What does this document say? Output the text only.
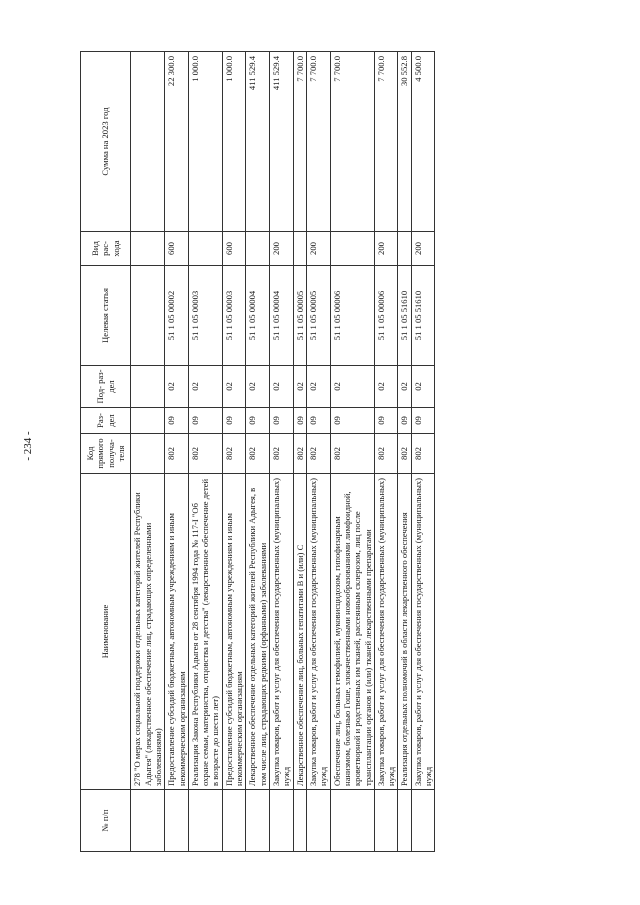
- 234 -
№ п/п	Наименование	Код прямого получа- теля	Раз- дел	Под- раз- дел	Целевая статья	Вид рас- хода	Сумма на 2023 год
	278 "О мерах социальной поддержки отдельных категорий жителей Республики Адыгея" (лекарственное обеспечение лиц, страдающих определенными заболеваниями)						
	Предоставление субсидий бюджетным, автономным учреждениям и иным некоммерческим организациям	802	09	02	51 1 05 00002	600	22 300.0
	Реализация Закона Республики Адыгея от 28 сентября 1994 года № 117-I "Об охране семьи, материнства, отцовства и детства" (лекарственное обеспечение детей в возрасте до шести лет)	802	09	02	51 1 05 00003		1 000.0
	Предоставление субсидий бюджетным, автономным учреждениям и иным некоммерческим организациям	802	09	02	51 1 05 00003	600	1 000.0
	Лекарственное обеспечение отдельных категорий жителей Республики Адыгея, в том числе лиц, страдающих редкими (орфанными) заболеваниями	802	09	02	51 1 05 00004		411 529.4
	Закупка товаров, работ и услуг для обеспечения государственных (муниципальных) нужд	802	09	02	51 1 05 00004	200	411 529.4
	Лекарственное обеспечение лиц, больных гепатитами В и (или) С	802	09	02	51 1 05 00005		7 700.0
	Закупка товаров, работ и услуг для обеспечения государственных (муниципальных) нужд	802	09	02	51 1 05 00005	200	7 700.0
	Обеспечение лиц, больных гемофилией, муковисцидозом, гипофизарным нанизмом, болезнью Гоше, злокачественными новообразованиями лимфоидной, кроветворной и родственных им тканей, рассеянным склерозом, лиц после трансплантации органов и (или) тканей лекарственными препаратами	802	09	02	51 1 05 00006		7 700.0
	Закупка товаров, работ и услуг для обеспечения государственных (муниципальных) нужд	802	09	02	51 1 05 00006	200	7 700.0
	Реализация отдельных полномочий в области лекарственного обеспечения	802	09	02	51 1 05 51610		30 552.8
	Закупка товаров, работ и услуг для обеспечения государственных (муниципальных) нужд	802	09	02	51 1 05 51610	200	4 500.0
